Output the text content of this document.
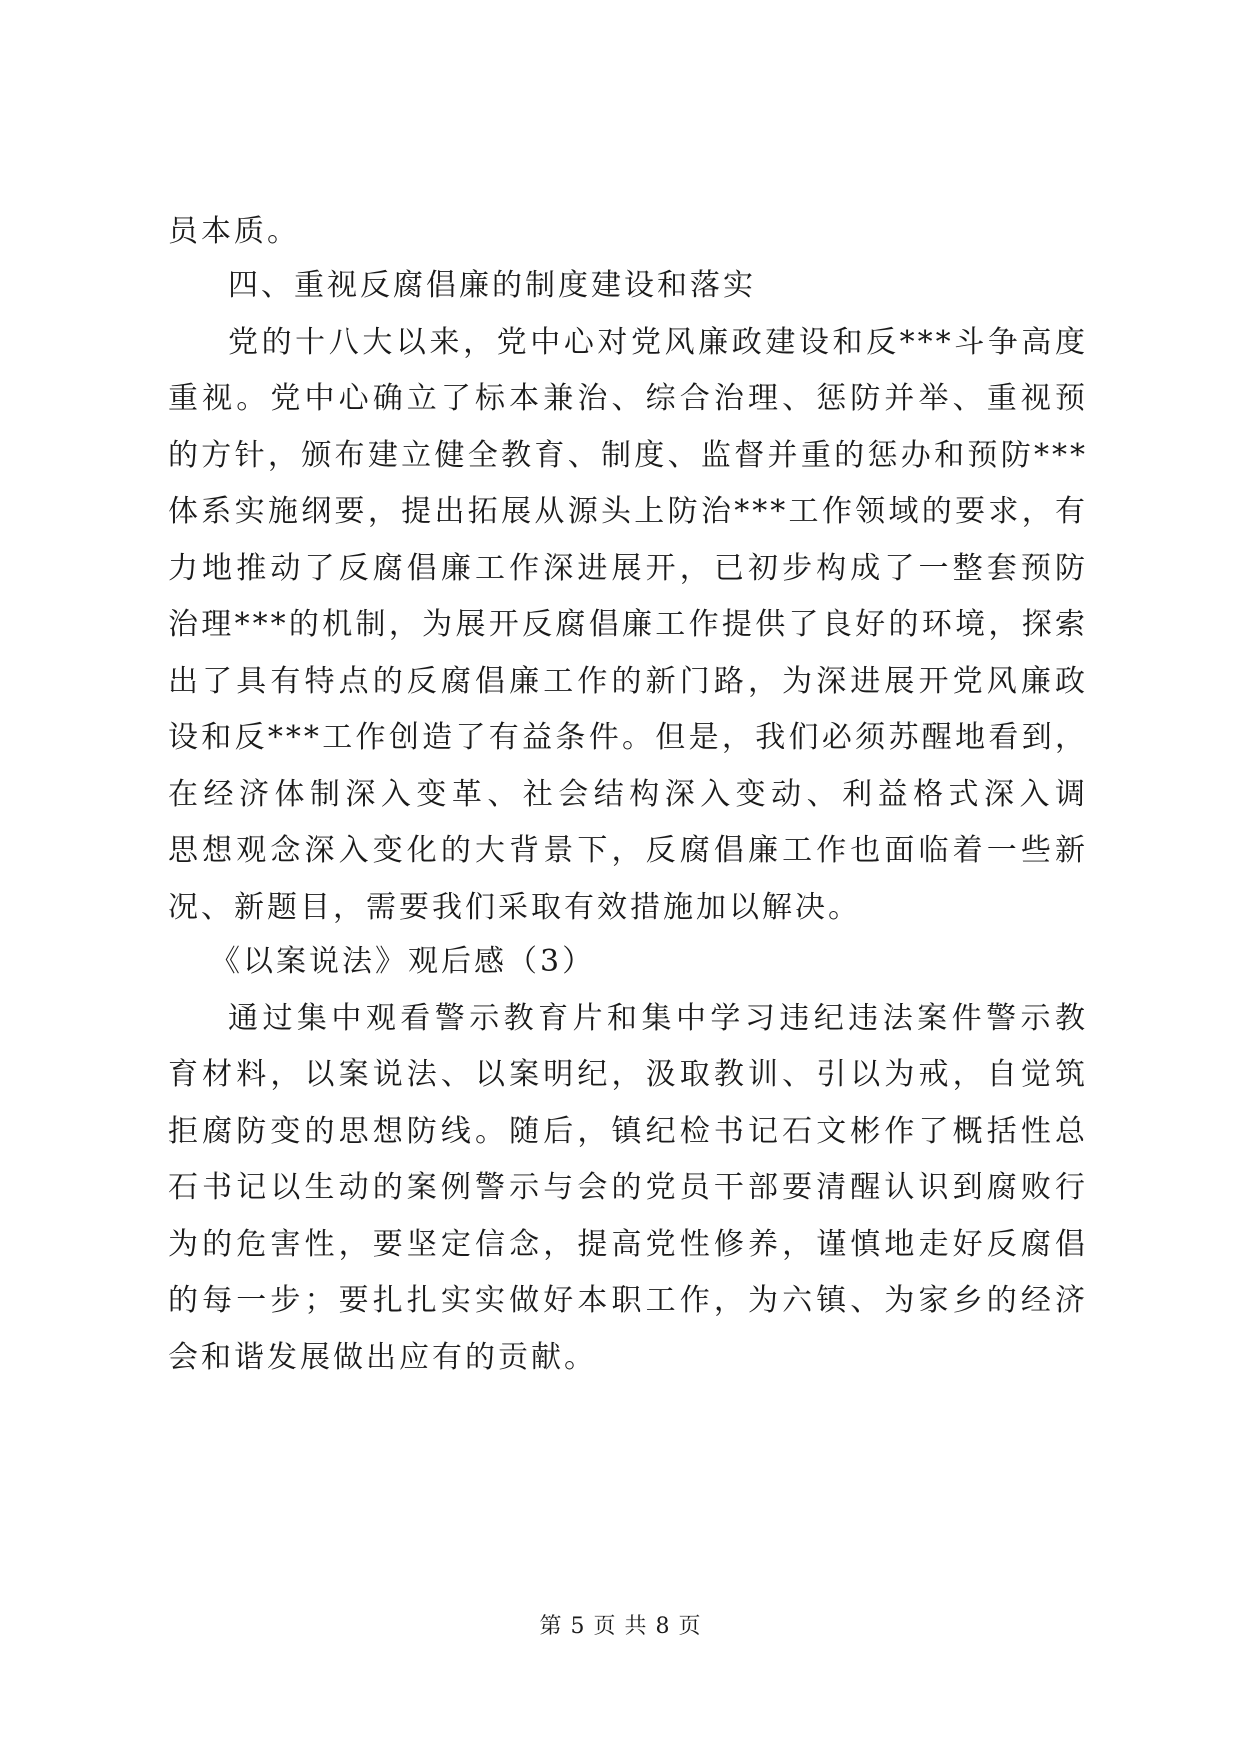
员本质。
四、重视反腐倡廉的制度建设和落实
党的十八大以来，党中心对党风廉政建设和反***斗争高度
重视。党中心确立了标本兼治、综合治理、惩防并举、重视预
的方针，颁布建立健全教育、制度、监督并重的惩办和预防***
体系实施纲要，提出拓展从源头上防治***工作领域的要求，有
力地推动了反腐倡廉工作深进展开，已初步构成了一整套预防
治理***的机制，为展开反腐倡廉工作提供了良好的环境，探索
出了具有特点的反腐倡廉工作的新门路，为深进展开党风廉政
设和反***工作创造了有益条件。但是，我们必须苏醒地看到，
在经济体制深入变革、社会结构深入变动、利益格式深入调
思想观念深入变化的大背景下，反腐倡廉工作也面临着一些新
况、新题目，需要我们采取有效措施加以解决。
《以案说法》观后感（3）
通过集中观看警示教育片和集中学习违纪违法案件警示教
育材料，以案说法、以案明纪，汲取教训、引以为戒，自觉筑
拒腐防变的思想防线。随后，镇纪检书记石文彬作了概括性总
石书记以生动的案例警示与会的党员干部要清醒认识到腐败行
为的危害性，要坚定信念，提高党性修养，谨慎地走好反腐倡
的每一步；要扎扎实实做好本职工作，为六镇、为家乡的经济
会和谐发展做出应有的贡献。
第 5 页 共 8 页
